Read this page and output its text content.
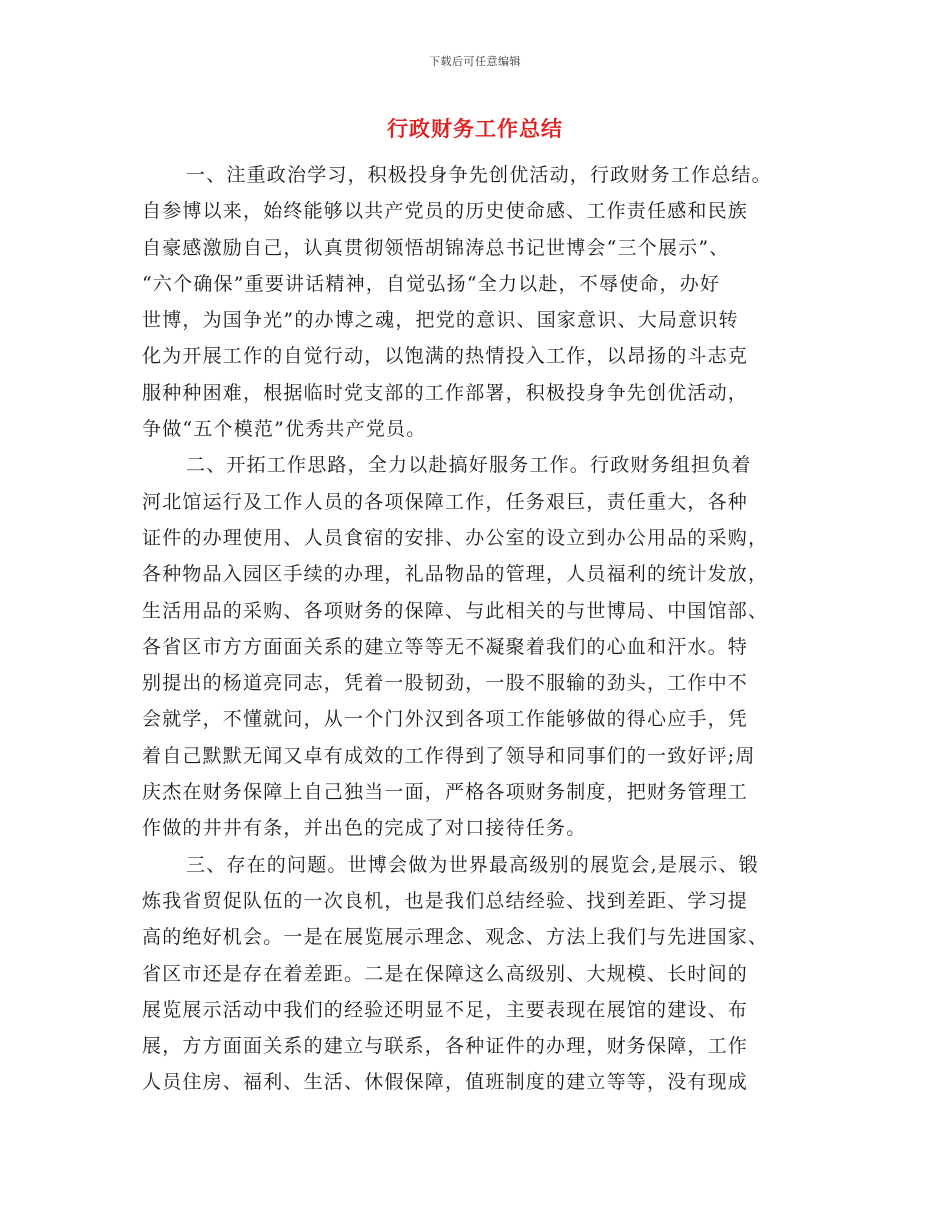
下载后可任意编辑
行政财务工作总结
一、注重政治学习，积极投身争先创优活动，行政财务工作总结。
自参博以来，始终能够以共产党员的历史使命感、工作责任感和民族
自豪感激励自己，认真贯彻领悟胡锦涛总书记世博会“三个展示”、
“六个确保”重要讲话精神，自觉弘扬“全力以赴，不辱使命，办好
世博，为国争光”的办博之魂，把党的意识、国家意识、大局意识转
化为开展工作的自觉行动，以饱满的热情投入工作，以昂扬的斗志克
服种种困难，根据临时党支部的工作部署，积极投身争先创优活动，
争做“五个模范”优秀共产党员。
二、开拓工作思路，全力以赴搞好服务工作。行政财务组担负着
河北馆运行及工作人员的各项保障工作，任务艰巨，责任重大，各种
证件的办理使用、人员食宿的安排、办公室的设立到办公用品的采购，
各种物品入园区手续的办理，礼品物品的管理，人员福利的统计发放，
生活用品的采购、各项财务的保障、与此相关的与世博局、中国馆部、
各省区市方方面面关系的建立等等无不凝聚着我们的心血和汗水。特
别提出的杨道亮同志，凭着一股韧劲，一股不服输的劲头，工作中不
会就学，不懂就问，从一个门外汉到各项工作能够做的得心应手，凭
着自己默默无闻又卓有成效的工作得到了领导和同事们的一致好评;周
庆杰在财务保障上自己独当一面，严格各项财务制度，把财务管理工
作做的井井有条，并出色的完成了对口接待任务。
三、存在的问题。世博会做为世界最高级别的展览会,是展示、锻
炼我省贸促队伍的一次良机，也是我们总结经验、找到差距、学习提
高的绝好机会。一是在展览展示理念、观念、方法上我们与先进国家、
省区市还是存在着差距。二是在保障这么高级别、大规模、长时间的
展览展示活动中我们的经验还明显不足，主要表现在展馆的建设、布
展，方方面面关系的建立与联系，各种证件的办理，财务保障，工作
人员住房、福利、生活、休假保障，值班制度的建立等等，没有现成
